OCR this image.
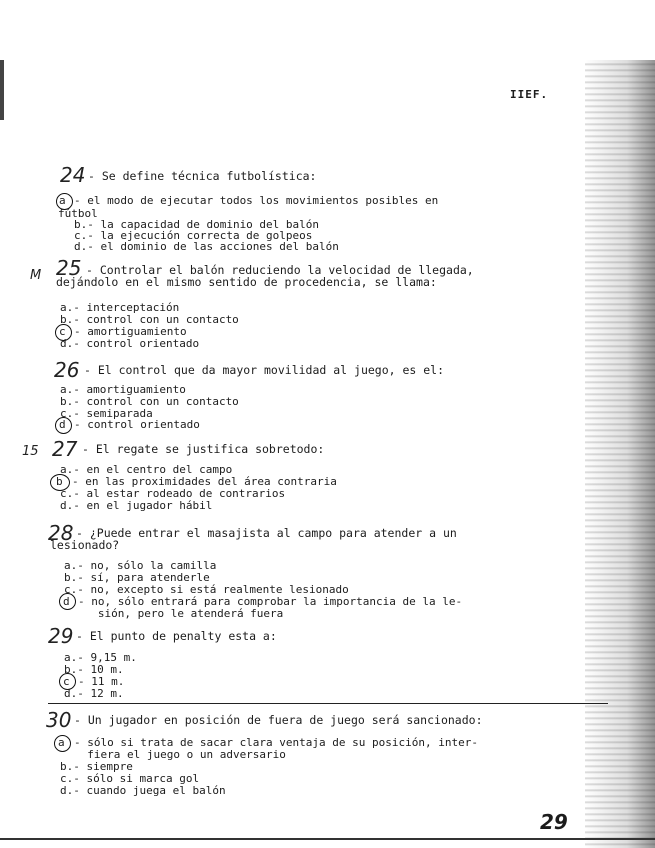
IIEF.
24 - Se define técnica futbolística:
a - el modo de ejecutar todos los movimientos posibles en
fútbol
b.- la capacidad de dominio del balón
c.- la ejecución correcta de golpeos
d.- el dominio de las acciones del balón
M 25 - Controlar el balón reduciendo la velocidad de llegada,
dejándolo en el mismo sentido de procedencia, se llama:
a.- interceptación
b.- control con un contacto
c - amortiguamiento
d.- control orientado
26 - El control que da mayor movilidad al juego, es el:
a.- amortiguamiento
b.- control con un contacto
c.- semiparada
d - control orientado
15 27 - El regate se justifica sobretodo:
a.- en el centro del campo
b - en las proximidades del área contraria
c.- al estar rodeado de contrarios
d.- en el jugador hábil
28 - ¿Puede entrar el masajista al campo para atender a un
lesionado?
a.- no, sólo la camilla
b.- sí, para atenderle
c.- no, excepto si está realmente lesionado
d - no, sólo entrará para comprobar la importancia de la le-
sión, pero le atenderá fuera
29 - El punto de penalty esta a:
a.- 9,15 m.
b.- 10 m.
c - 11 m.
d.- 12 m.
30 - Un jugador en posición de fuera de juego será sancionado:
a - sólo si trata de sacar clara ventaja de su posición, inter-
fiera el juego o un adversario
b.- siempre
c.- sólo si marca gol
d.- cuando juega el balón
29
